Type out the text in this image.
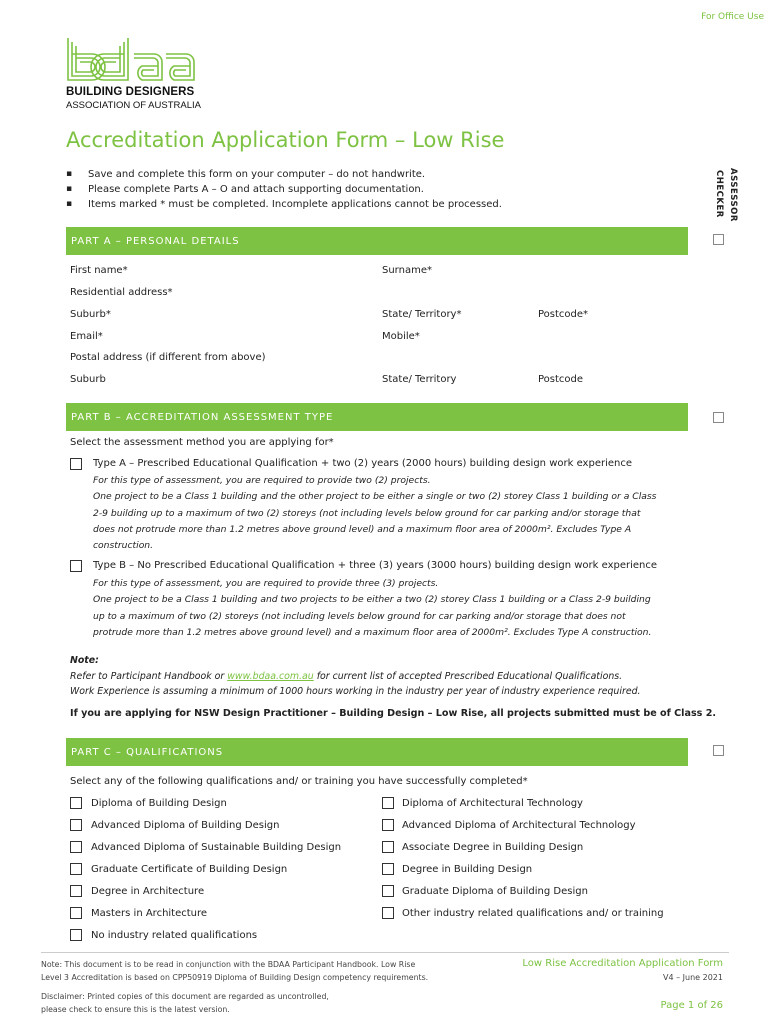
For Office Use
BUILDING DESIGNERS
ASSOCIATION OF AUSTRALIA
Accreditation Application Form – Low Rise
▪ Save and complete this form on your computer – do not handwrite.
▪ Please complete Parts A – O and attach supporting documentation.
▪ Items marked * must be completed. Incomplete applications cannot be processed.	ASSESSOR
CHECKER
PART A – PERSONAL DETAILS
First name*	Surname*
Residential address*
Suburb*	State/ Territory*	Postcode*
Email*	Mobile*
Postal address (if different from above)
Suburb	State/ Territory	Postcode
PART B – ACCREDITATION ASSESSMENT TYPE
Select the assessment method you are applying for*
Type A – Prescribed Educational Qualification + two (2) years (2000 hours) building design work experience
For this type of assessment, you are required to provide two (2) projects.
One project to be a Class 1 building and the other project to be either a single or two (2) storey Class 1 building or a Class
2-9 building up to a maximum of two (2) storeys (not including levels below ground for car parking and/or storage that
does not protrude more than 1.2 metres above ground level) and a maximum floor area of 2000m². Excludes Type A
construction.
Type B – No Prescribed Educational Qualification + three (3) years (3000 hours) building design work experience
For this type of assessment, you are required to provide three (3) projects.
One project to be a Class 1 building and two projects to be either a two (2) storey Class 1 building or a Class 2-9 building
up to a maximum of two (2) storeys (not including levels below ground for car parking and/or storage that does not
protrude more than 1.2 metres above ground level) and a maximum floor area of 2000m². Excludes Type A construction.
Note:
Refer to Participant Handbook or www.bdaa.com.au for current list of accepted Prescribed Educational Qualifications.
Work Experience is assuming a minimum of 1000 hours working in the industry per year of industry experience required.
If you are applying for NSW Design Practitioner – Building Design – Low Rise, all projects submitted must be of Class 2.
PART C – QUALIFICATIONS
Select any of the following qualifications and/ or training you have successfully completed*
Diploma of Building Design
Advanced Diploma of Building Design
Advanced Diploma of Sustainable Building Design
Graduate Certificate of Building Design
Degree in Architecture
Masters in Architecture
No industry related qualifications
Diploma of Architectural Technology
Advanced Diploma of Architectural Technology
Associate Degree in Building Design
Degree in Building Design
Graduate Diploma of Building Design
Other industry related qualifications and/ or training
Note: This document is to be read in conjunction with the BDAA Participant Handbook. Low Rise
Level 3 Accreditation is based on CPP50919 Diploma of Building Design competency requirements.
Disclaimer: Printed copies of this document are regarded as uncontrolled,
please check to ensure this is the latest version.
Low Rise Accreditation Application Form
V4 – June 2021
Page 1 of 26
